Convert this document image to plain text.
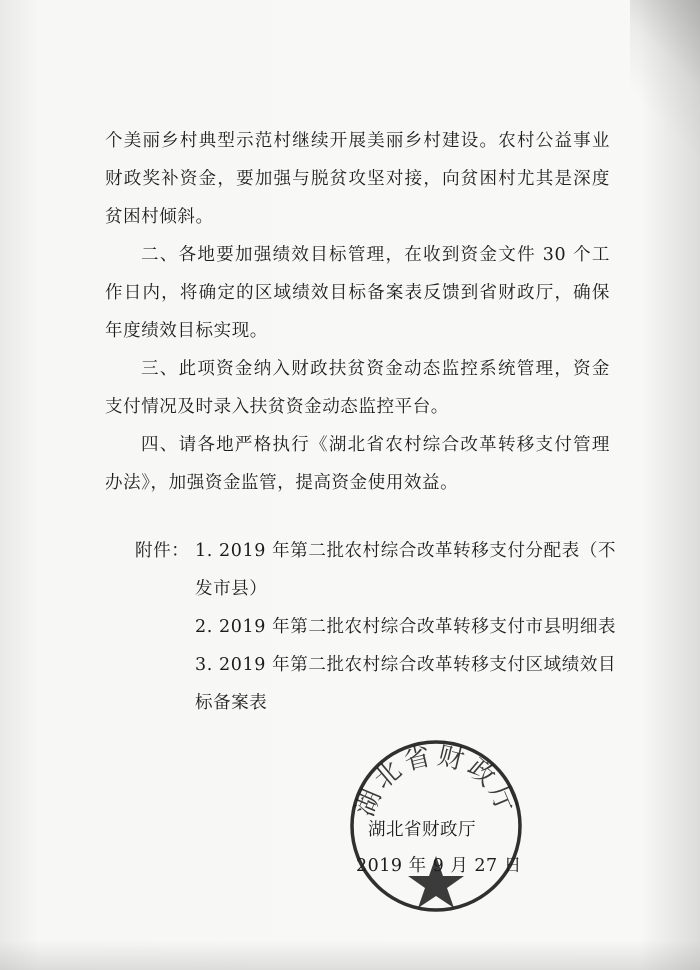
个美丽乡村典型示范村继续开展美丽乡村建设。农村公益事业财政奖补资金，要加强与脱贫攻坚对接，向贫困村尤其是深度贫困村倾斜。

二、各地要加强绩效目标管理，在收到资金文件 30 个工作日内，将确定的区域绩效目标备案表反馈到省财政厅，确保年度绩效目标实现。

三、此项资金纳入财政扶贫资金动态监控系统管理，资金支付情况及时录入扶贫资金动态监控平台。

四、请各地严格执行《湖北省农村综合改革转移支付管理办法》，加强资金监管，提高资金使用效益。

附件： 1. 2019 年第二批农村综合改革转移支付分配表（不发市县）
2. 2019 年第二批农村综合改革转移支付市县明细表
3. 2019 年第二批农村综合改革转移支付区域绩效目标备案表
湖北省财政厅
湖北省财政厅
2019 年 9 月 27 日
